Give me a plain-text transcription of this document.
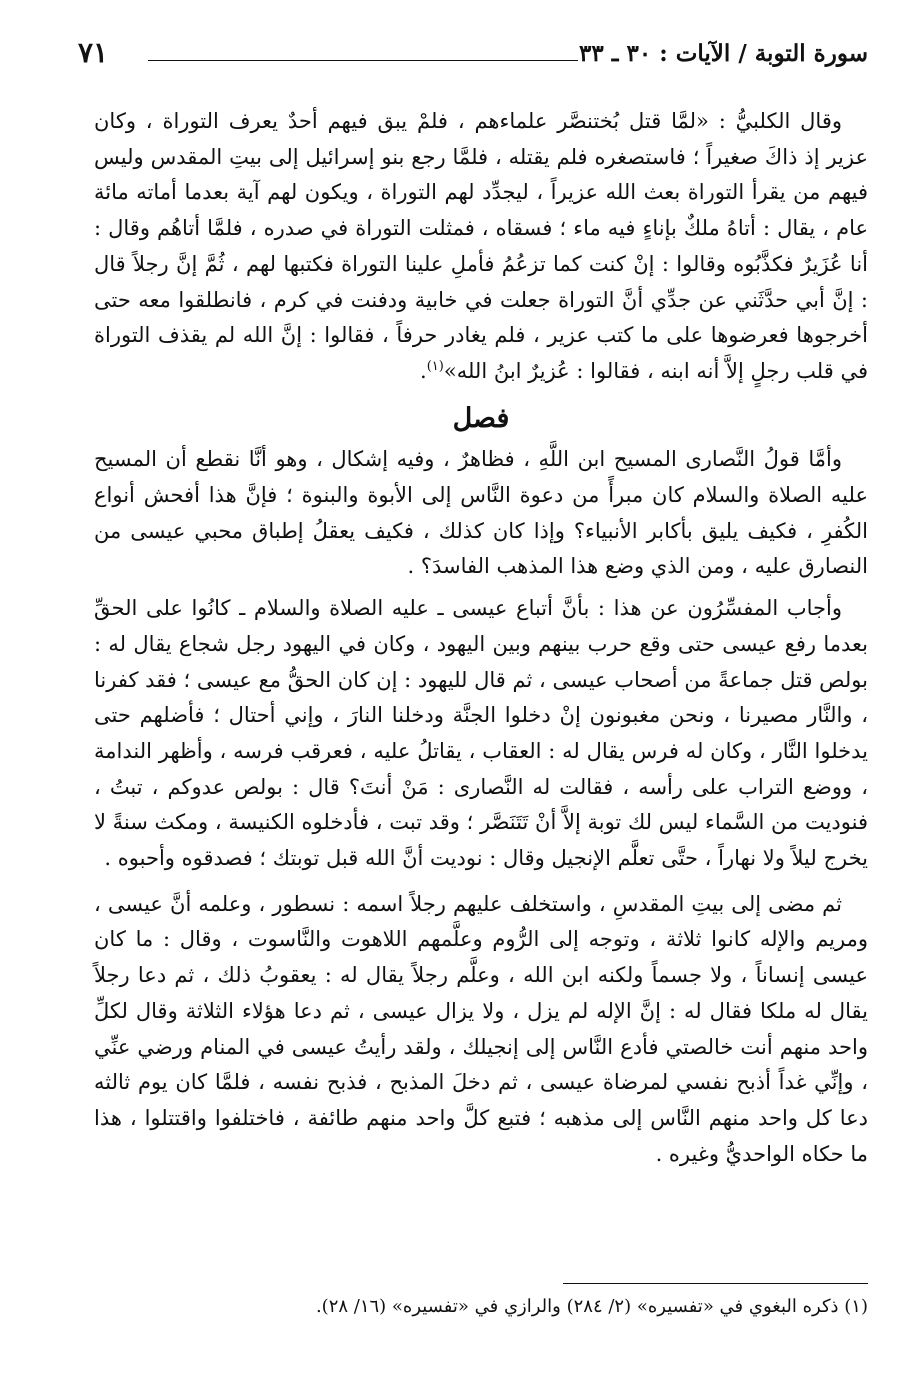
سورة التوبة / الآيات : ٣٠ ـ ٣٣
٧١

وقال الكلبيُّ : «لمَّا قتل بُختنصَّر علماءهم ، فلمْ يبق فيهم أحدٌ يعرف التوراة ، وكان عزير إذ ذاكَ صغيراً ؛ فاستصغره فلم يقتله ، فلمَّا رجع بنو إسرائيل إلى بيتِ المقدس وليس فيهم من يقرأ التوراة بعث الله عزيراً ، ليجدِّد لهم التوراة ، ويكون لهم آية بعدما أماته مائة عام ، يقال : أتاهُ ملكٌ بإناءٍ فيه ماء ؛ فسقاه ، فمثلت التوراة في صدره ، فلمَّا أتاهُم وقال : أنا عُزَيرٌ فكذَّبُوه وقالوا : إنْ كنت كما تزعُمُ فأملِ علينا التوراة فكتبها لهم ، ثُمَّ إنَّ رجلاً قال : إنَّ أبي حدَّثَني عن جدِّي أنَّ التوراة جعلت في خابية ودفنت في كرم ، فانطلقوا معه حتى أخرجوها فعرضوها على ما كتب عزير ، فلم يغادر حرفاً ، فقالوا : إنَّ الله لم يقذف التوراة في قلب رجلٍ إلاَّ أنه ابنه ، فقالوا : عُزيرٌ ابنُ الله»$^{(١)}$.

فصل

وأمَّا قولُ النَّصارى المسيح ابن اللَّهِ ، فظاهرٌ ، وفيه إشكال ، وهو أنَّا نقطع أن المسيح عليه الصلاة والسلام كان مبرأً من دعوة النَّاس إلى الأبوة والبنوة ؛ فإنَّ هذا أفحش أنواع الكُفرِ ، فكيف يليق بأكابر الأنبياء؟ وإذا كان كذلك ، فكيف يعقلُ إطباق محبي عيسى من النصارق عليه ، ومن الذي وضع هذا المذهب الفاسدَ؟ .

وأجاب المفسِّرُون عن هذا : بأنَّ أتباع عيسى ـ عليه الصلاة والسلام ـ كانُوا على الحقِّ بعدما رفع عيسى حتى وقع حرب بينهم وبين اليهود ، وكان في اليهود رجل شجاع يقال له : بولص قتل جماعةً من أصحاب عيسى ، ثم قال لليهود : إن كان الحقُّ مع عيسى ؛ فقد كفرنا ، والنَّار مصيرنا ، ونحن مغبونون إنْ دخلوا الجنَّة ودخلنا النارَ ، وإني أحتال ؛ فأضلهم حتى يدخلوا النَّار ، وكان له فرس يقال له : العقاب ، يقاتلُ عليه ، فعرقب فرسه ، وأظهر الندامة ، ووضع التراب على رأسه ، فقالت له النَّصارى : مَنْ أنتَ؟ قال : بولص عدوكم ، تبتُ ، فنوديت من السَّماء ليس لك توبة إلاَّ أنْ تَتَنَصَّر ؛ وقد تبت ، فأدخلوه الكنيسة ، ومكث سنةً لا يخرج ليلاً ولا نهاراً ، حتَّى تعلَّم الإنجيل وقال : نوديت أنَّ الله قبل توبتك ؛ فصدقوه وأحبوه .

ثم مضى إلى بيتِ المقدسِ ، واستخلف عليهم رجلاً اسمه : نسطور ، وعلمه أنَّ عيسى ، ومريم والإله كانوا ثلاثة ، وتوجه إلى الرُّوم وعلَّمهم اللاهوت والنَّاسوت ، وقال : ما كان عيسى إنساناً ، ولا جسماً ولكنه ابن الله ، وعلَّم رجلاً يقال له : يعقوبُ ذلك ، ثم دعا رجلاً يقال له ملكا فقال له : إنَّ الإله لم يزل ، ولا يزال عيسى ، ثم دعا هؤلاء الثلاثة وقال لكلِّ واحد منهم أنت خالصتي فأدع النَّاس إلى إنجيلك ، ولقد رأيتُ عيسى في المنام ورضي عنِّي ، وإنِّي غداً أذبح نفسي لمرضاة عيسى ، ثم دخلَ المذبح ، فذبح نفسه ، فلمَّا كان يوم ثالثه دعا كل واحد منهم النَّاس إلى مذهبه ؛ فتبع كلَّ واحد منهم طائفة ، فاختلفوا واقتتلوا ، هذا ما حكاه الواحديُّ وغيره .

(١) ذكره البغوي في «تفسيره» (٢/ ٢٨٤) والرازي في «تفسيره» (١٦/ ٢٨).
